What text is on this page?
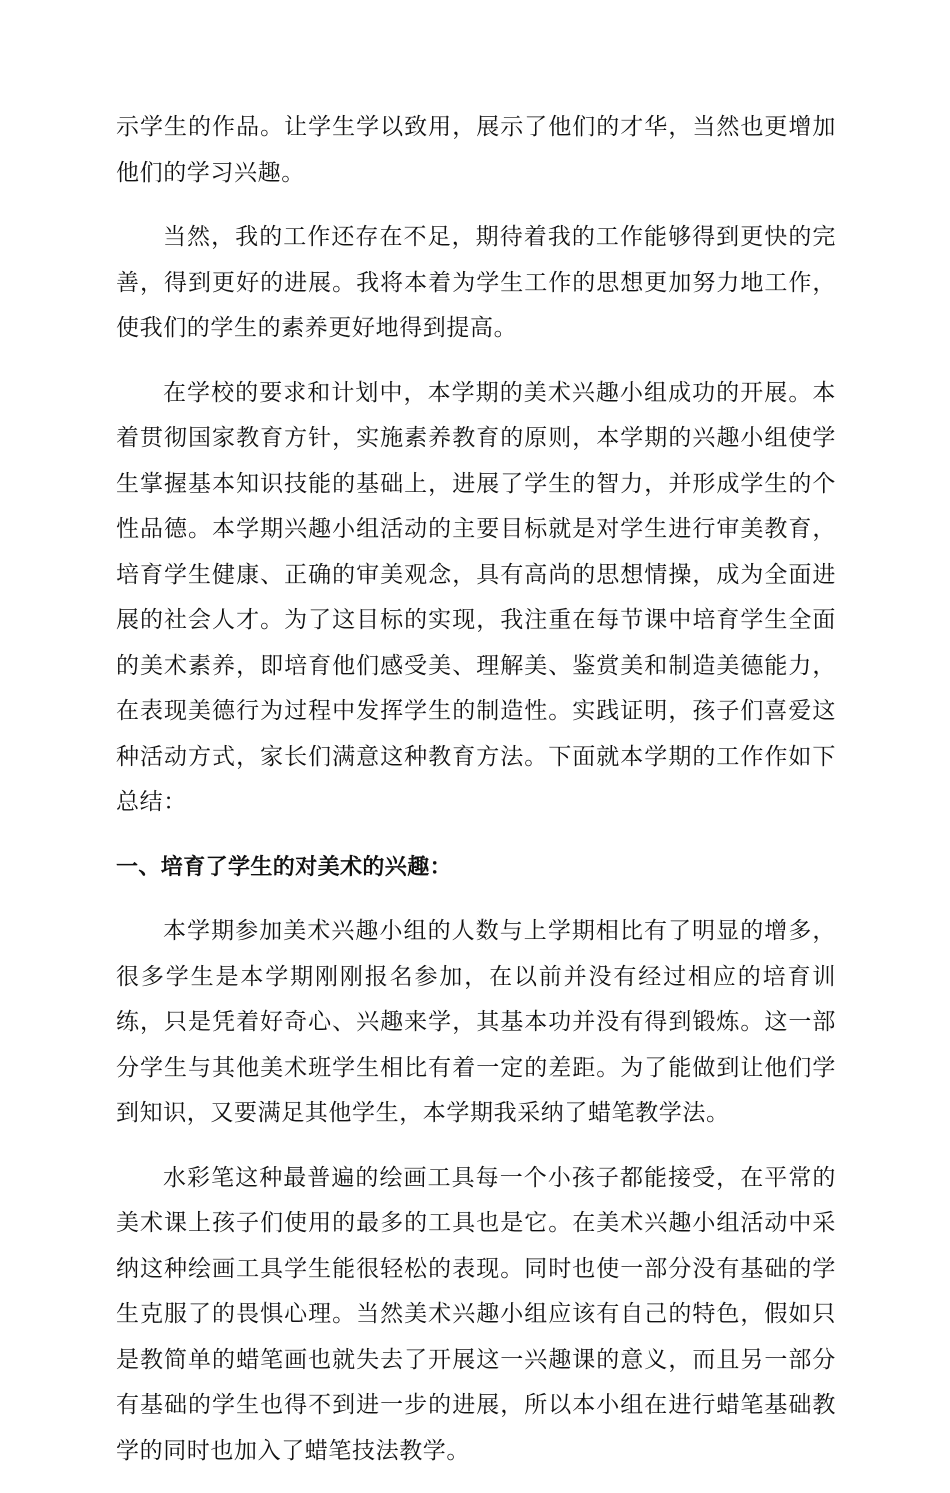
示学生的作品。让学生学以致用，展示了他们的才华，当然也更增加他们的学习兴趣。

当然，我的工作还存在不足，期待着我的工作能够得到更快的完善，得到更好的进展。我将本着为学生工作的思想更加努力地工作，使我们的学生的素养更好地得到提高。

在学校的要求和计划中，本学期的美术兴趣小组成功的开展。本着贯彻国家教育方针，实施素养教育的原则，本学期的兴趣小组使学生掌握基本知识技能的基础上，进展了学生的智力，并形成学生的个性品德。本学期兴趣小组活动的主要目标就是对学生进行审美教育，培育学生健康、正确的审美观念，具有高尚的思想情操，成为全面进展的社会人才。为了这目标的实现，我注重在每节课中培育学生全面的美术素养，即培育他们感受美、理解美、鉴赏美和制造美德能力，在表现美德行为过程中发挥学生的制造性。实践证明，孩子们喜爱这种活动方式，家长们满意这种教育方法。下面就本学期的工作作如下总结：

一、培育了学生的对美术的兴趣：

本学期参加美术兴趣小组的人数与上学期相比有了明显的增多，很多学生是本学期刚刚报名参加，在以前并没有经过相应的培育训练，只是凭着好奇心、兴趣来学，其基本功并没有得到锻炼。这一部分学生与其他美术班学生相比有着一定的差距。为了能做到让他们学到知识，又要满足其他学生，本学期我采纳了蜡笔教学法。

水彩笔这种最普遍的绘画工具每一个小孩子都能接受，在平常的美术课上孩子们使用的最多的工具也是它。在美术兴趣小组活动中采纳这种绘画工具学生能很轻松的表现。同时也使一部分没有基础的学生克服了的畏惧心理。当然美术兴趣小组应该有自己的特色，假如只是教简单的蜡笔画也就失去了开展这一兴趣课的意义，而且另一部分有基础的学生也得不到进一步的进展，所以本小组在进行蜡笔基础教学的同时也加入了蜡笔技法教学。
